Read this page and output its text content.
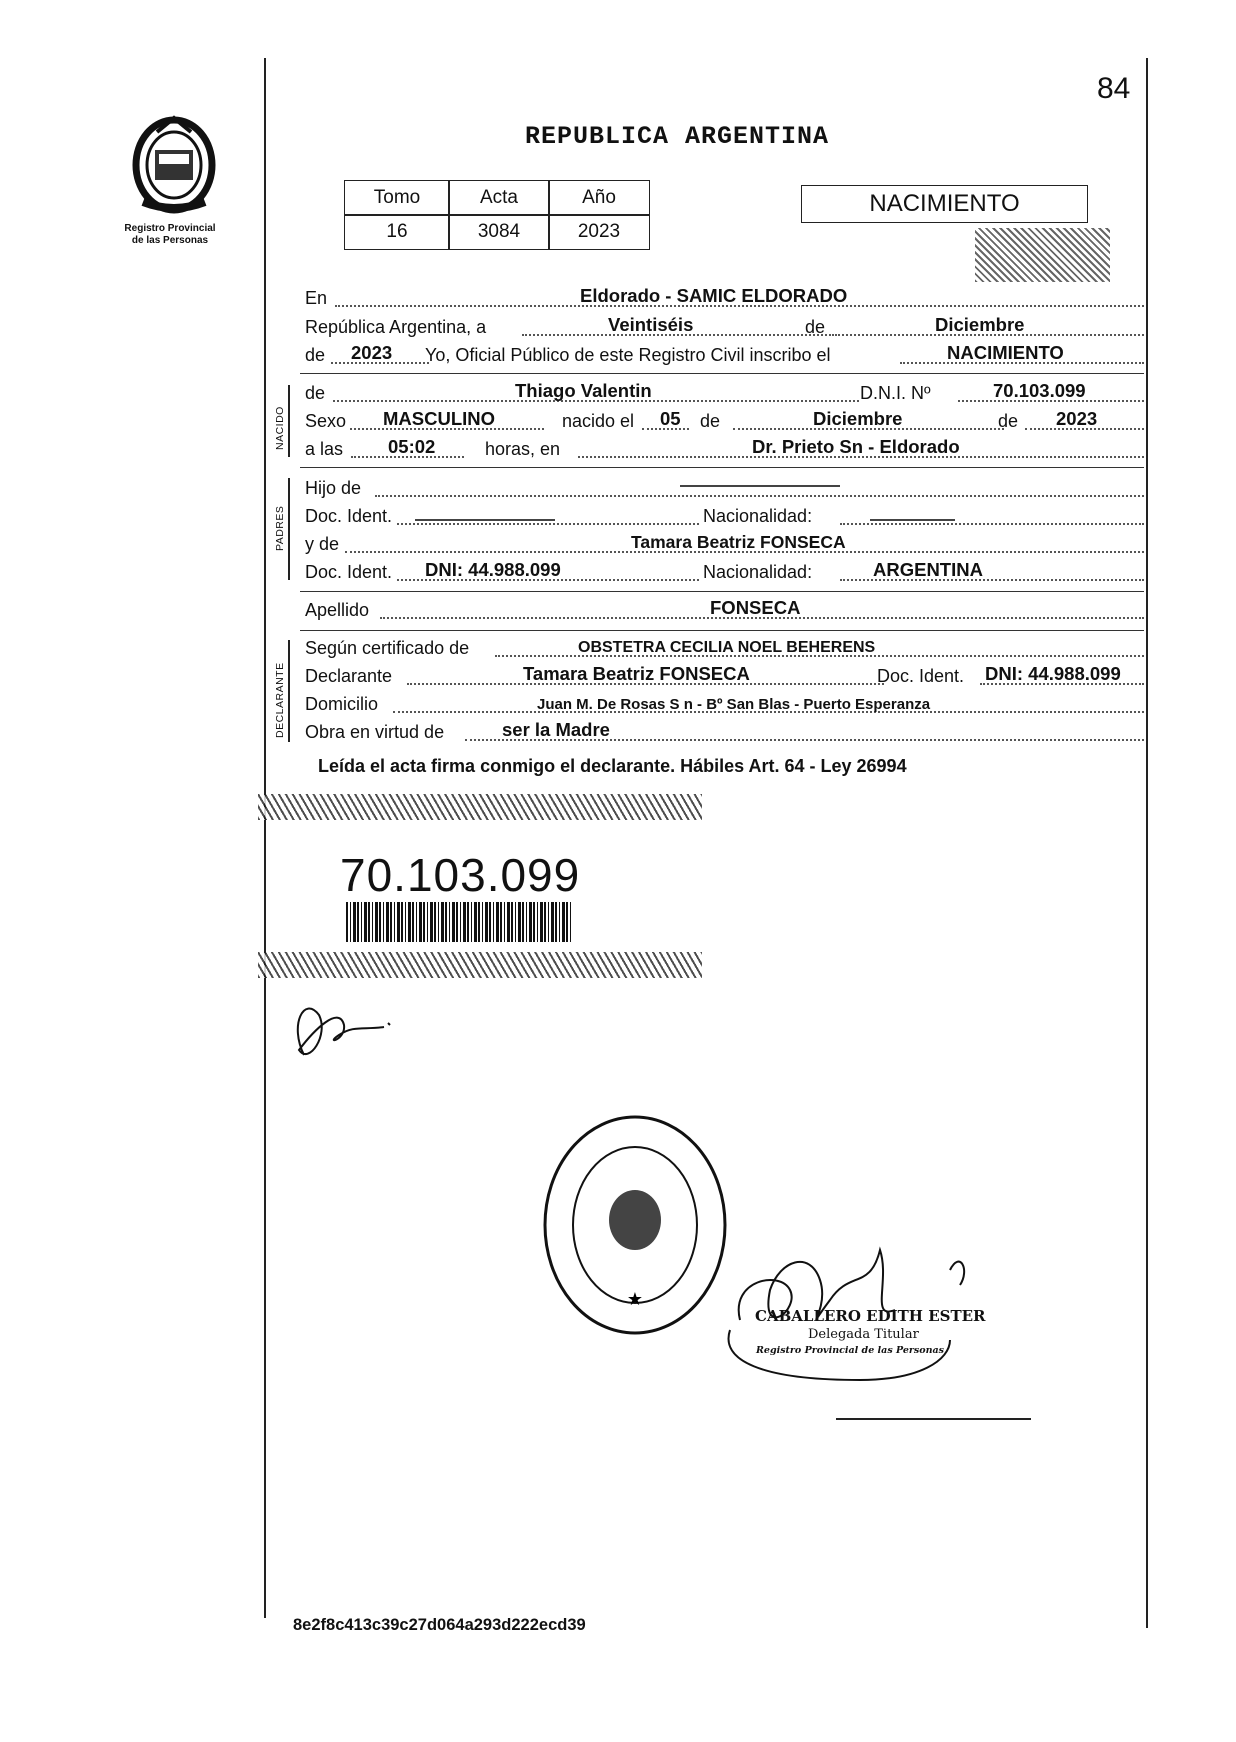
84
Registro Provincial
de las Personas
REPUBLICA ARGENTINA
Tomo	Acta	Año
16	3084	2023
NACIMIENTO
NACIDO
PADRES
DECLARANTE
En	Eldorado - SAMIC ELDORADO
República Argentina, a	Veintiséis	de	Diciembre
de 2023 Yo, Oficial Público de este Registro Civil inscribo el	NACIMIENTO
de	Thiago Valentin	D.N.I. Nº	70.103.099
Sexo MASCULINO	nacido el 05 de	Diciembre	de 2023
a las 05:02	horas, en	Dr. Prieto Sn - Eldorado
Hijo de
Doc. Ident.	Nacionalidad:
y de	Tamara Beatriz FONSECA
Doc. Ident. DNI: 44.988.099	Nacionalidad:	ARGENTINA
Apellido	FONSECA
Según certificado de	OBSTETRA CECILIA NOEL BEHERENS
Declarante	Tamara Beatriz FONSECA	Doc. Ident. DNI: 44.988.099
Domicilio	Juan M. De Rosas S n - Bº San Blas - Puerto Esperanza
Obra en virtud de	ser la Madre
Leída el acta firma conmigo el declarante. Hábiles Art. 64 - Ley 26994
70.103.099
★
CABALLERO EDITH ESTER
Delegada Titular
Registro Provincial de las Personas
8e2f8c413c39c27d064a293d222ecd39
